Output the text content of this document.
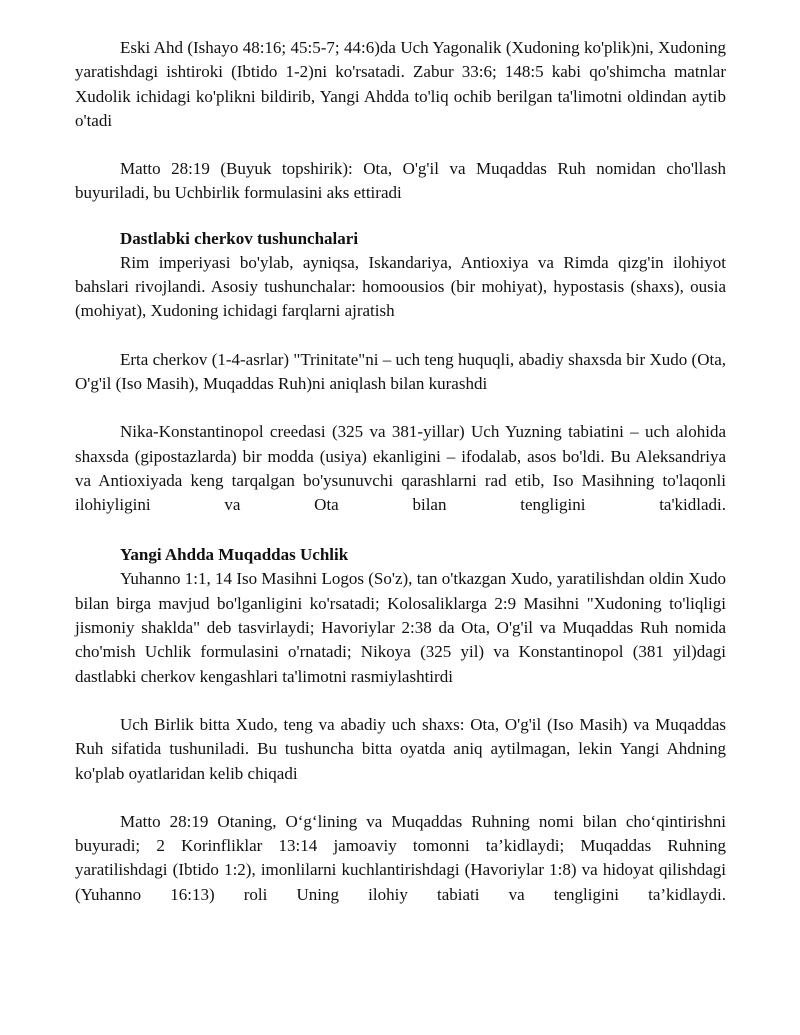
Eski Ahd (Ishayo 48:16; 45:5-7; 44:6)da Uch Yagonalik (Xudoning ko'plik)ni, Xudoning yaratishdagi ishtiroki (Ibtido 1-2)ni ko'rsatadi. Zabur 33:6; 148:5 kabi qo'shimcha matnlar Xudolik ichidagi ko'plikni bildirib, Yangi Ahdda to'liq ochib berilgan ta'limotni oldindan aytib o'tadi

Matto 28:19 (Buyuk topshirik): Ota, O'g'il va Muqaddas Ruh nomidan cho'llash buyuriladi, bu Uchbirlik formulasini aks ettiradi

Dastlabki cherkov tushunchalari

Rim imperiyasi bo'ylab, ayniqsa, Iskandariya, Antioxiya va Rimda qizg'in ilohiyot bahslari rivojlandi. Asosiy tushunchalar: homoousios (bir mohiyat), hypostasis (shaxs), ousia (mohiyat), Xudoning ichidagi farqlarni ajratish

Erta cherkov (1-4-asrlar) "Trinitate"ni – uch teng huquqli, abadiy shaxsda bir Xudo (Ota, O'g'il (Iso Masih), Muqaddas Ruh)ni aniqlash bilan kurashdi

Nika-Konstantinopol creedasi (325 va 381-yillar) Uch Yuzning tabiatini – uch alohida shaxsda (gipostazlarda) bir modda (usiya) ekanligini – ifodalab, asos bo'ldi. Bu Aleksandriya va Antioxiyada keng tarqalgan bo'ysunuvchi qarashlarni rad etib, Iso Masihning to'laqonli ilohiyligini va Ota bilan tengligini ta'kidladi.

Yangi Ahdda Muqaddas Uchlik

Yuhanno 1:1, 14 Iso Masihni Logos (So'z), tan o'tkazgan Xudo, yaratilishdan oldin Xudo bilan birga mavjud bo'lganligini ko'rsatadi; Kolosaliklarga 2:9 Masihni "Xudoning to'liqligi jismoniy shaklda" deb tasvirlaydi; Havoriylar 2:38 da Ota, O'g'il va Muqaddas Ruh nomida cho'mish Uchlik formulasini o'rnatadi; Nikoya (325 yil) va Konstantinopol (381 yil)dagi dastlabki cherkov kengashlari ta'limotni rasmiylashtirdi

Uch Birlik bitta Xudo, teng va abadiy uch shaxs: Ota, O'g'il (Iso Masih) va Muqaddas Ruh sifatida tushuniladi. Bu tushuncha bitta oyatda aniq aytilmagan, lekin Yangi Ahdning ko'plab oyatlaridan kelib chiqadi

Matto 28:19 Otaning, O‘g‘lining va Muqaddas Ruhning nomi bilan cho‘qintirishni buyuradi; 2 Korinfliklar 13:14 jamoaviy tomonni ta’kidlaydi; Muqaddas Ruhning yaratilishdagi (Ibtido 1:2), imonlilarni kuchlantirishdagi (Havoriylar 1:8) va hidoyat qilishdagi (Yuhanno 16:13) roli Uning ilohiy tabiati va tengligini ta’kidlaydi.
